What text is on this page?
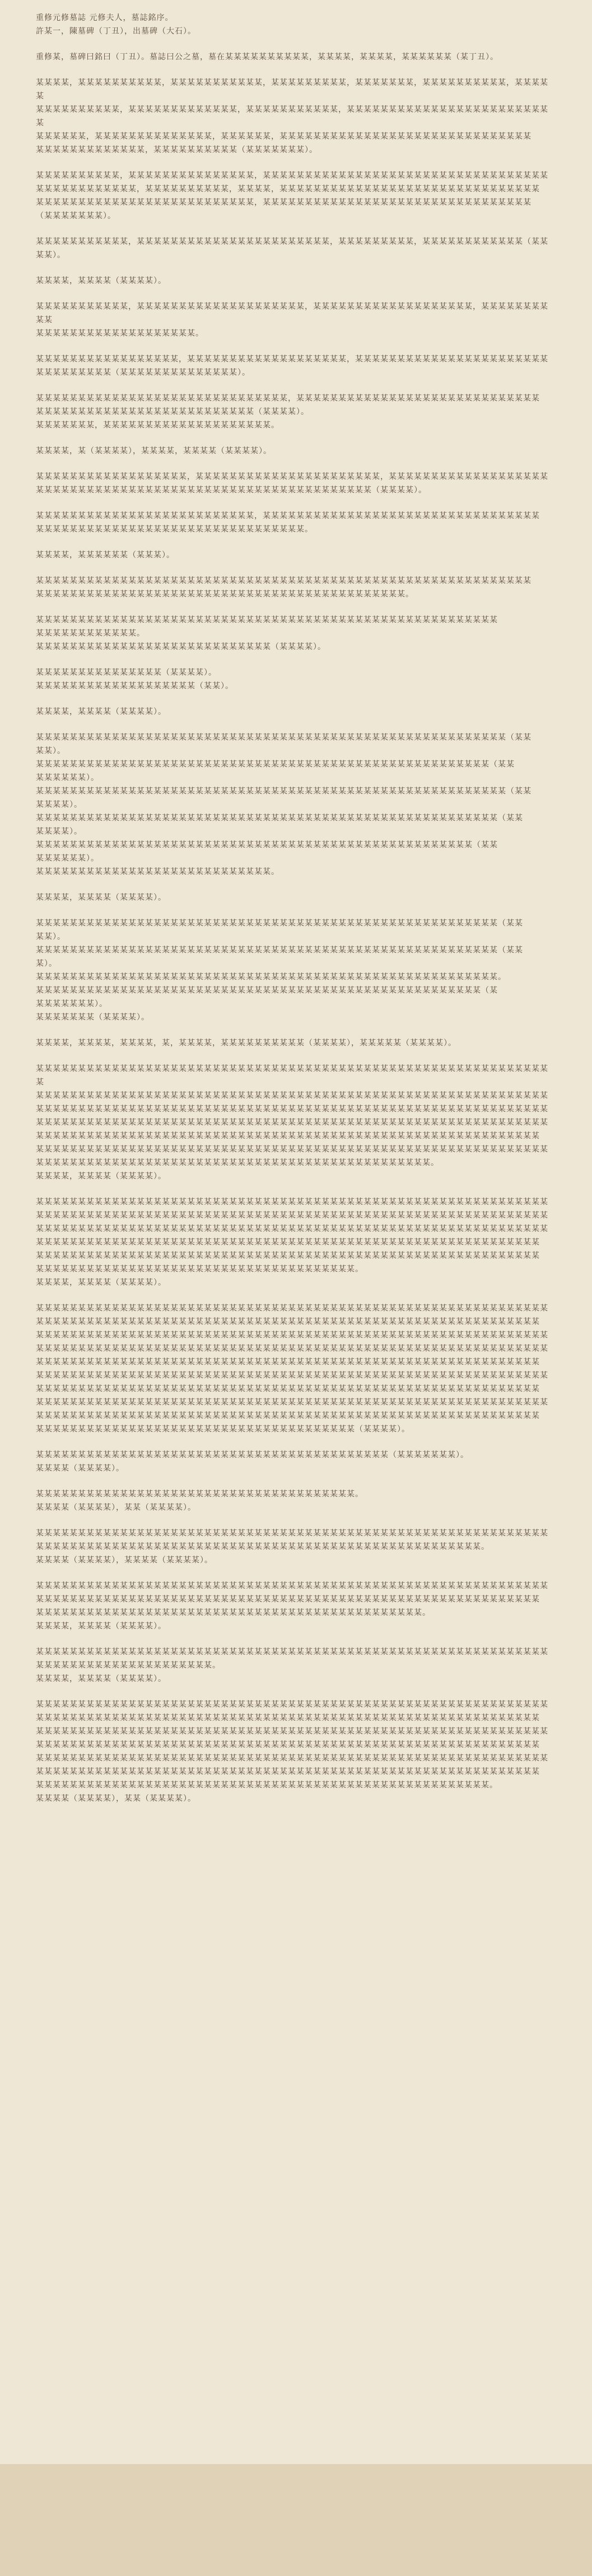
重修元修墓誌 元修夫人，墓誌銘序。
許某一，陳墓碑（丁丑），出墓碑（大石）。
重修某，墓碑曰銘曰（丁丑）。墓誌曰公之墓，墓在某某某某某某某某某某，某某某某，某某某某，某某某某某某（某丁丑）。
某某某某，某某某某某某某某某某，某某某某某某某某某某某，某某某某某某某某某，某某某某某某某，某某某某某某某某某某，某某某某某
某某某某某某某某某某，某某某某某某某某某某某某某，某某某某某某某某某某某，某某某某某某某某某某某某某某某某某某某某某某某某某
某某某某某某，某某某某某某某某某某某某某某，某某某某某某，某某某某某某某某某某某某某某某某某某某某某某某某某某某某某某
某某某某某某某某某某某某某，某某某某某某某某某某（某某某某某某某）。
某某某某某某某某某某，某某某某某某某某某某某某某某某，某某某某某某某某某某某某某某某某某某某某某某某某某某某某某某某某某某
某某某某某某某某某某某某，某某某某某某某某某某，某某某某，某某某某某某某某某某某某某某某某某某某某某某某某某某某某某某某
某某某某某某某某某某某某某某某某某某某某某某某某某某，某某某某某某某某某某某某某某某某某某某某某某某某某某某某某某某某
（某某某某某某某）。
某某某某某某某某某某某，某某某某某某某某某某某某某某某某某某某某某某某，某某某某某某某某某，某某某某某某某某某某某某（某某某某）。
某某某某，某某某某（某某某某）。
某某某某某某某某某某某，某某某某某某某某某某某某某某某某某某某某，某某某某某某某某某某某某某某某某某某某，某某某某某某某某某某
某某某某某某某某某某某某某某某某某某某。
某某某某某某某某某某某某某某某某某，某某某某某某某某某某某某某某某某某某某，某某某某某某某某某某某某某某某某某某某某某某某
某某某某某某某某某（某某某某某某某某某某某某某某）。
某某某某某某某某某某某某某某某某某某某某某某某某某某某某某某，某某某某某某某某某某某某某某某某某某某某某某某某某某某某某
某某某某某某某某某某某某某某某某某某某某某某某某某某（某某某某）。
某某某某某某某，某某某某某某某某某某某某某某某某某某某某。
某某某某，某（某某某某），某某某某，某某某某（某某某某）。
某某某某某某某某某某某某某某某某某某，某某某某某某某某某某某某某某某某某某某某某某，某某某某某某某某某某某某某某某某某某某
某某某某某某某某某某某某某某某某某某某某某某某某某某某某某某某某某某某某某某某某（某某某某）。
某某某某某某某某某某某某某某某某某某某某某某某某某某，某某某某某某某某某某某某某某某某某某某某某某某某某某某某某某某某某
某某某某某某某某某某某某某某某某某某某某某某某某某某某某某某某某。
某某某某，某某某某某某（某某某）。
某某某某某某某某某某某某某某某某某某某某某某某某某某某某某某某某某某某某某某某某某某某某某某某某某某某某某某某某某某某
某某某某某某某某某某某某某某某某某某某某某某某某某某某某某某某某某某某某某某某某某某某某。
某某某某某某某某某某某某某某某某某某某某某某某某某某某某某某某某某某某某某某某某某某某某某某某某某某某某某某某
某某某某某某某某某某某某。
某某某某某某某某某某某某某某某某某某某某某某某某某某某某（某某某某）。
某某某某某某某某某某某某某某某（某某某某）。
某某某某某某某某某某某某某某某某某某某（某某）。
某某某某，某某某某（某某某某）。
某某某某某某某某某某某某某某某某某某某某某某某某某某某某某某某某某某某某某某某某某某某某某某某某某某某某某某某某（某某
某某）。
某某某某某某某某某某某某某某某某某某某某某某某某某某某某某某某某某某某某某某某某某某某某某某某某某某某某某某（某某
某某某某某某）。
某某某某某某某某某某某某某某某某某某某某某某某某某某某某某某某某某某某某某某某某某某某某某某某某某某某某某某某某（某某
某某某某）。
某某某某某某某某某某某某某某某某某某某某某某某某某某某某某某某某某某某某某某某某某某某某某某某某某某某某某某某（某某
某某某某）。
某某某某某某某某某某某某某某某某某某某某某某某某某某某某某某某某某某某某某某某某某某某某某某某某某某某某（某某
某某某某某某）。
某某某某某某某某某某某某某某某某某某某某某某某某某某某某。
某某某某，某某某某（某某某某）。
某某某某某某某某某某某某某某某某某某某某某某某某某某某某某某某某某某某某某某某某某某某某某某某某某某某某某某某（某某
某某）。
某某某某某某某某某某某某某某某某某某某某某某某某某某某某某某某某某某某某某某某某某某某某某某某某某某某某某某某（某某
某）。
某某某某某某某某某某某某某某某某某某某某某某某某某某某某某某某某某某某某某某某某某某某某某某某某某某某某某某某。
某某某某某某某某某某某某某某某某某某某某某某某某某某某某某某某某某某某某某某某某某某某某某某某某某某某某某（某
某某某某某某某）。
某某某某某某某（某某某某）。
某某某某，某某某某，某某某某，某，某某某某，某某某某某某某某某某（某某某某），某某某某某（某某某某）。
某某某某某某某某某某某某某某某某某某某某某某某某某某某某某某某某某某某某某某某某某某某某某某某某某某某某某某某某某某某某某某
某某某某某某某某某某某某某某某某某某某某某某某某某某某某某某某某某某某某某某某某某某某某某某某某某某某某某某某某某某某某某
某某某某某某某某某某某某某某某某某某某某某某某某某某某某某某某某某某某某某某某某某某某某某某某某某某某某某某某某某某某某某
某某某某某某某某某某某某某某某某某某某某某某某某某某某某某某某某某某某某某某某某某某某某某某某某某某某某某某某某某某某某某
某某某某某某某某某某某某某某某某某某某某某某某某某某某某某某某某某某某某某某某某某某某某某某某某某某某某某某某某某某某某
某某某某某某某某某某某某某某某某某某某某某某某某某某某某某某某某某某某某某某某某某某某某某某某某某某某某某某某某某某某某某
某某某某某某某某某某某某某某某某某某某某某某某某某某某某某某某某某某某某某某某某某某某某某某某。
某某某某，某某某某（某某某某）。
某某某某某某某某某某某某某某某某某某某某某某某某某某某某某某某某某某某某某某某某某某某某某某某某某某某某某某某某某某某某某
某某某某某某某某某某某某某某某某某某某某某某某某某某某某某某某某某某某某某某某某某某某某某某某某某某某某某某某某某某某某某
某某某某某某某某某某某某某某某某某某某某某某某某某某某某某某某某某某某某某某某某某某某某某某某某某某某某某某某某某某某某某
某某某某某某某某某某某某某某某某某某某某某某某某某某某某某某某某某某某某某某某某某某某某某某某某某某某某某某某某某某某某
某某某某某某某某某某某某某某某某某某某某某某某某某某某某某某某某某某某某某某某某某某某某某某某某某某某某某某某某某某某某
某某某某某某某某某某某某某某某某某某某某某某某某某某某某某某某某某某某某某某。
某某某某，某某某某（某某某某）。
某某某某某某某某某某某某某某某某某某某某某某某某某某某某某某某某某某某某某某某某某某某某某某某某某某某某某某某某某某某某某
某某某某某某某某某某某某某某某某某某某某某某某某某某某某某某某某某某某某某某某某某某某某某某某某某某某某某某某某某某某某
某某某某某某某某某某某某某某某某某某某某某某某某某某某某某某某某某某某某某某某某某某某某某某某某某某某某某某某某某某某某某
某某某某某某某某某某某某某某某某某某某某某某某某某某某某某某某某某某某某某某某某某某某某某某某某某某某某某某某某某某某某某
某某某某某某某某某某某某某某某某某某某某某某某某某某某某某某某某某某某某某某某某某某某某某某某某某某某某某某某某某某某某
某某某某某某某某某某某某某某某某某某某某某某某某某某某某某某某某某某某某某某某某某某某某某某某某某某某某某某某某某某某某某
某某某某某某某某某某某某某某某某某某某某某某某某某某某某某某某某某某某某某某某某某某某某某某某某某某某某某某某某某某某某
某某某某某某某某某某某某某某某某某某某某某某某某某某某某某某某某某某某某某某某某某某某某某某某某某某某某某某某某某某某某某
某某某某某某某某某某某某某某某某某某某某某某某某某某某某某某某某某某某某某某某某某某某某某某某某某某某某某某某某某某某某
某某某某某某某某某某某某某某某某某某某某某某某某某某某某某某某某某某某某某某（某某某某）。
某某某某某某某某某某某某某某某某某某某某某某某某某某某某某某某某某某某某某某某某某某（某某某某某某某）。
某某某某（某某某某）。
某某某某某某某某某某某某某某某某某某某某某某某某某某某某某某某某某某某某某某。
某某某某（某某某某），某某（某某某某）。
某某某某某某某某某某某某某某某某某某某某某某某某某某某某某某某某某某某某某某某某某某某某某某某某某某某某某某某某某某某某某
某某某某某某某某某某某某某某某某某某某某某某某某某某某某某某某某某某某某某某某某某某某某某某某某某某某某某。
某某某某（某某某某），某某某某（某某某某）。
某某某某某某某某某某某某某某某某某某某某某某某某某某某某某某某某某某某某某某某某某某某某某某某某某某某某某某某某某某某某某
某某某某某某某某某某某某某某某某某某某某某某某某某某某某某某某某某某某某某某某某某某某某某某某某某某某某某某某某某某某某
某某某某某某某某某某某某某某某某某某某某某某某某某某某某某某某某某某某某某某某某某某某某某某。
某某某某，某某某某（某某某某）。
某某某某某某某某某某某某某某某某某某某某某某某某某某某某某某某某某某某某某某某某某某某某某某某某某某某某某某某某某某某某某
某某某某某某某某某某某某某某某某某某某某某。
某某某某，某某某某（某某某某）。
某某某某某某某某某某某某某某某某某某某某某某某某某某某某某某某某某某某某某某某某某某某某某某某某某某某某某某某某某某某某某
某某某某某某某某某某某某某某某某某某某某某某某某某某某某某某某某某某某某某某某某某某某某某某某某某某某某某某某某某某某某
某某某某某某某某某某某某某某某某某某某某某某某某某某某某某某某某某某某某某某某某某某某某某某某某某某某某某某某某某某某某某
某某某某某某某某某某某某某某某某某某某某某某某某某某某某某某某某某某某某某某某某某某某某某某某某某某某某某某某某某某某某
某某某某某某某某某某某某某某某某某某某某某某某某某某某某某某某某某某某某某某某某某某某某某某某某某某某某某某某某某某某某某
某某某某某某某某某某某某某某某某某某某某某某某某某某某某某某某某某某某某某某某某某某某某某某某某某某某某某某某某某某某某
某某某某某某某某某某某某某某某某某某某某某某某某某某某某某某某某某某某某某某某某某某某某某某某某某某某某某某。
某某某某（某某某某），某某（某某某某）。
